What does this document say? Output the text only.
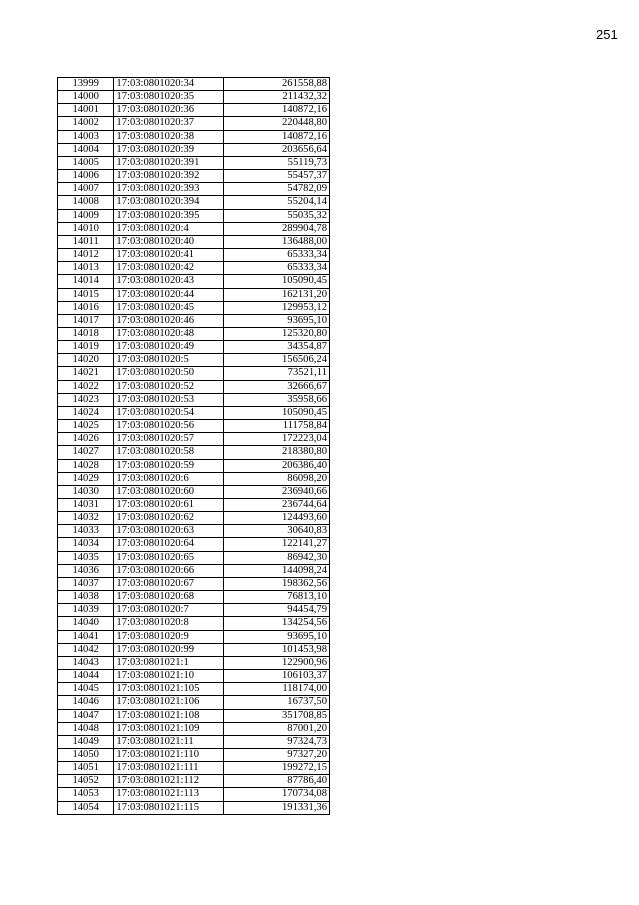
251
13999	17:03:0801020:34	261558,88
14000	17:03:0801020:35	211432,32
14001	17:03:0801020:36	140872,16
14002	17:03:0801020:37	220448,80
14003	17:03:0801020:38	140872,16
14004	17:03:0801020:39	203656,64
14005	17:03:0801020:391	55119,73
14006	17:03:0801020:392	55457,37
14007	17:03:0801020:393	54782,09
14008	17:03:0801020:394	55204,14
14009	17:03:0801020:395	55035,32
14010	17:03:0801020:4	289904,78
14011	17:03:0801020:40	136488,00
14012	17:03:0801020:41	65333,34
14013	17:03:0801020:42	65333,34
14014	17:03:0801020:43	105090,45
14015	17:03:0801020:44	162131,20
14016	17:03:0801020:45	129953,12
14017	17:03:0801020:46	93695,10
14018	17:03:0801020:48	125320,80
14019	17:03:0801020:49	34354,87
14020	17:03:0801020:5	156506,24
14021	17:03:0801020:50	73521,11
14022	17:03:0801020:52	32666,67
14023	17:03:0801020:53	35958,66
14024	17:03:0801020:54	105090,45
14025	17:03:0801020:56	111758,84
14026	17:03:0801020:57	172223,04
14027	17:03:0801020:58	218380,80
14028	17:03:0801020:59	206386,40
14029	17:03:0801020:6	86098,20
14030	17:03:0801020:60	236940,66
14031	17:03:0801020:61	236744,64
14032	17:03:0801020:62	124493,60
14033	17:03:0801020:63	30640,83
14034	17:03:0801020:64	122141,27
14035	17:03:0801020:65	86942,30
14036	17:03:0801020:66	144098,24
14037	17:03:0801020:67	198362,56
14038	17:03:0801020:68	76813,10
14039	17:03:0801020:7	94454,79
14040	17:03:0801020:8	134254,56
14041	17:03:0801020:9	93695,10
14042	17:03:0801020:99	101453,98
14043	17:03:0801021:1	122900,96
14044	17:03:0801021:10	106103,37
14045	17:03:0801021:105	118174,00
14046	17:03:0801021:106	16737,50
14047	17:03:0801021:108	351708,85
14048	17:03:0801021:109	87001,20
14049	17:03:0801021:11	97324,73
14050	17:03:0801021:110	97327,20
14051	17:03:0801021:111	199272,15
14052	17:03:0801021:112	87786,40
14053	17:03:0801021:113	170734,08
14054	17:03:0801021:115	191331,36
